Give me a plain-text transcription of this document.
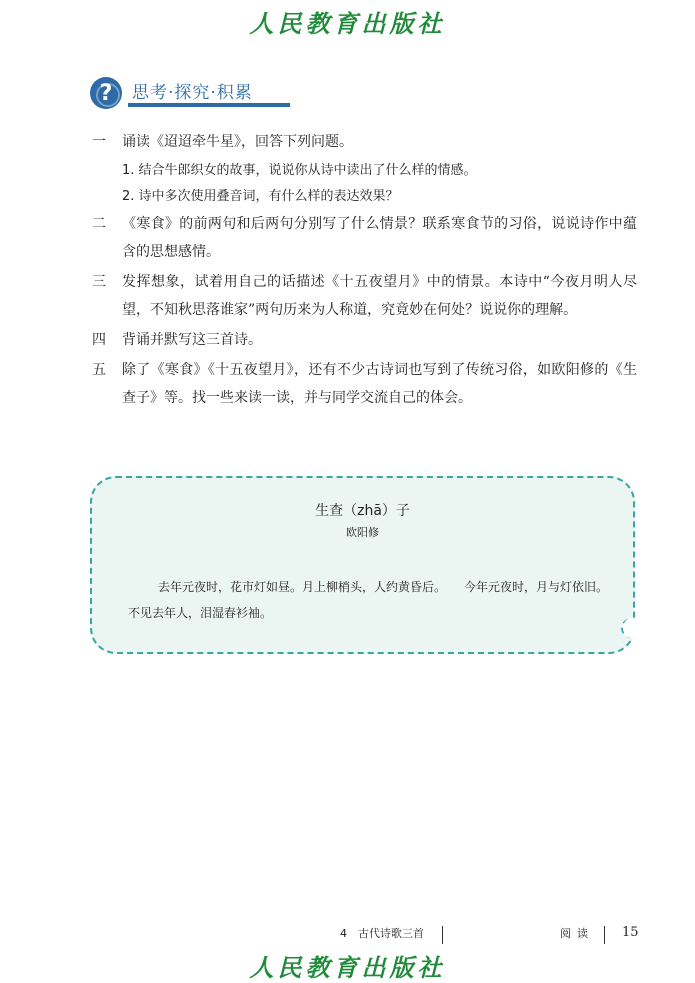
人民教育出版社
?	思考·探究·积累
一 诵读《迢迢牵牛星》，回答下列问题。
1. 结合牛郎织女的故事，说说你从诗中读出了什么样的情感。
2. 诗中多次使用叠音词，有什么样的表达效果？
二 《寒食》的前两句和后两句分别写了什么情景？联系寒食节的习俗，说说诗作中蕴含的思想感情。
三 发挥想象，试着用自己的话描述《十五夜望月》中的情景。本诗中“今夜月明人尽望，不知秋思落谁家”两句历来为人称道，究竟妙在何处？说说你的理解。
四 背诵并默写这三首诗。
五 除了《寒食》《十五夜望月》，还有不少古诗词也写到了传统习俗，如欧阳修的《生查子》等。找一些来读一读，并与同学交流自己的体会。
生查（zhā）子
欧阳修
去年元夜时，花市灯如昼。月上柳梢头，人约黄昏后。　　今年元夜时，月与灯依旧。不见去年人，泪湿春衫袖。
4　古代诗歌三首	阅读 15
人民教育出版社
